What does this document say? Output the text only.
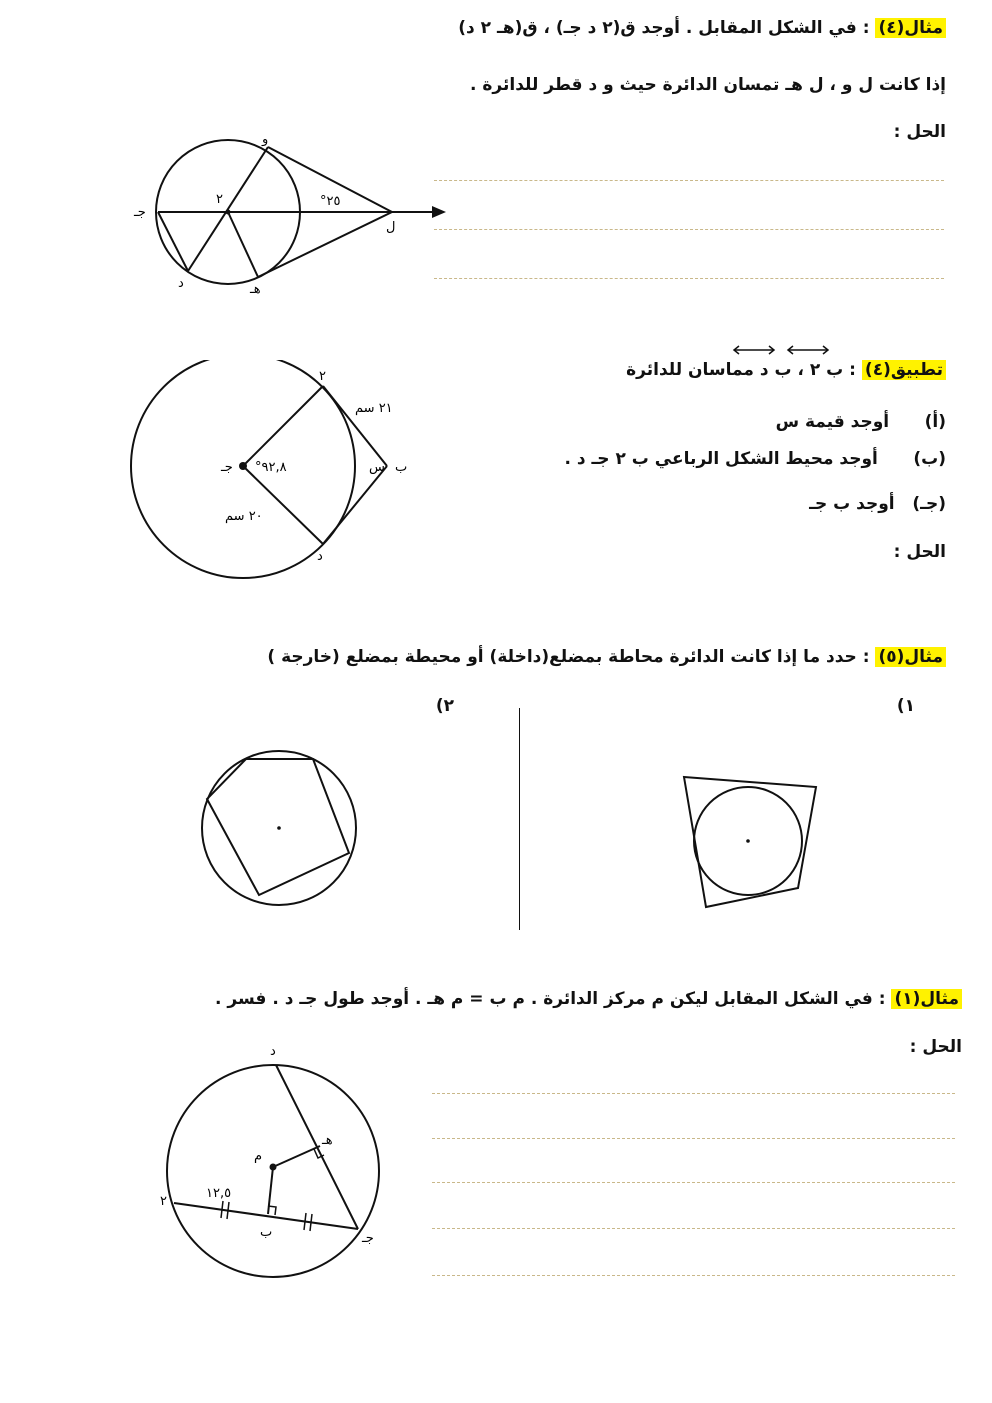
مثال(٤) : في الشكل المقابل . أوجد ق(٢ د جـ) ، ق(هـ ٢ د)
إذا كانت ل و ، ل هـ تمسان الدائرة حيث و د قطر للدائرة .
الحل :
و
٢
جـ
د	هـ
ل
°٢٥
تطبيق(٤) : ب ٢ ، ب د مماسان للدائرة
(أ)      أوجد قيمة س
(ب)      أوجد محيط الشكل الرباعي ب ٢ جـ د .
(جـ)   أوجد ب جـ
الحل :
٢
ب
جـ
د
س
°٩٢,٨
٢١ سم
٢٠ سم
مثال(٥) : حدد ما إذا كانت الدائرة محاطة بمضلع(داخلة) أو محيطة بمضلع (خارجة )
١)
٢)
مثال(١) : في الشكل المقابل ليكن م مركز الدائرة . م ب = م هـ . أوجد طول جـ د . فسر .
الحل :
د
م
هـ
٢
ب	جـ
١٢,٥
